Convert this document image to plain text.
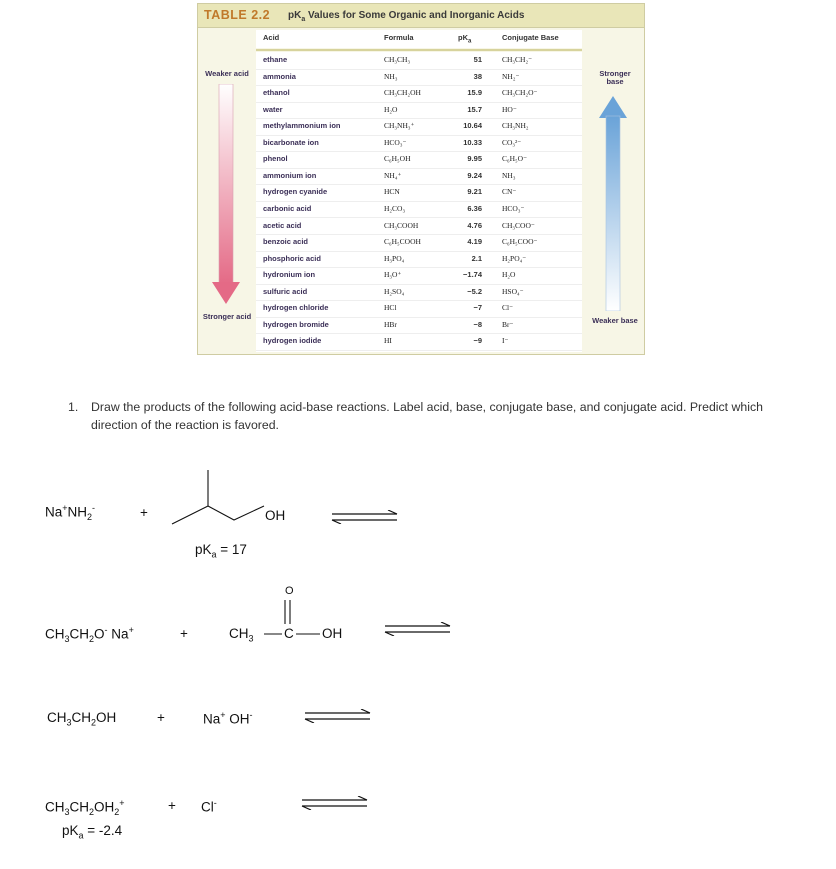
TABLE 2.2 $pK_a$ Values for Some Organic and Inorganic Acids
Acid	Formula	$pK_a$	Conjugate Base
ethane	CH₃CH₃	51	CH₃CH₂⁻
ammonia	NH₃	38	NH₂⁻
ethanol	CH₃CH₂OH	15.9	CH₃CH₂O⁻
water	H₂O	15.7	HO⁻
methylammonium ion	CH₃NH₃⁺	10.64	CH₃NH₂
bicarbonate ion	HCO₃⁻	10.33	CO₃²⁻
phenol	C₆H₅OH	9.95	C₆H₅O⁻
ammonium ion	NH₄⁺	9.24	NH₃
hydrogen cyanide	HCN	9.21	CN⁻
carbonic acid	H₂CO₃	6.36	HCO₃⁻
acetic acid	CH₃COOH	4.76	CH₃COO⁻
benzoic acid	C₆H₅COOH	4.19	C₆H₅COO⁻
phosphoric acid	H₃PO₄	2.1	H₂PO₄⁻
hydronium ion	H₃O⁺	−1.74	H₂O
sulfuric acid	H₂SO₄	−5.2	HSO₄⁻
hydrogen chloride	HCl	−7	Cl⁻
hydrogen bromide	HBr	−8	Br⁻
hydrogen iodide	HI	−9	I⁻
Weaker acid
Stronger acid
Stronger base
Weaker base
1. Draw the products of the following acid-base reactions. Label acid, base, conjugate base, and conjugate acid. Predict which direction of the reaction is favored.
$Na^+NH_2^-$	+	OH
$pK_a = 17$
$CH_3CH_2O^-$ Na+	+	$CH_3$
O
C OH
$CH_3CH_2OH$	+	Na+ OH-
$CH_3CH_2OH_2^+$	+ Cl-
$pK_a = -2.4$
